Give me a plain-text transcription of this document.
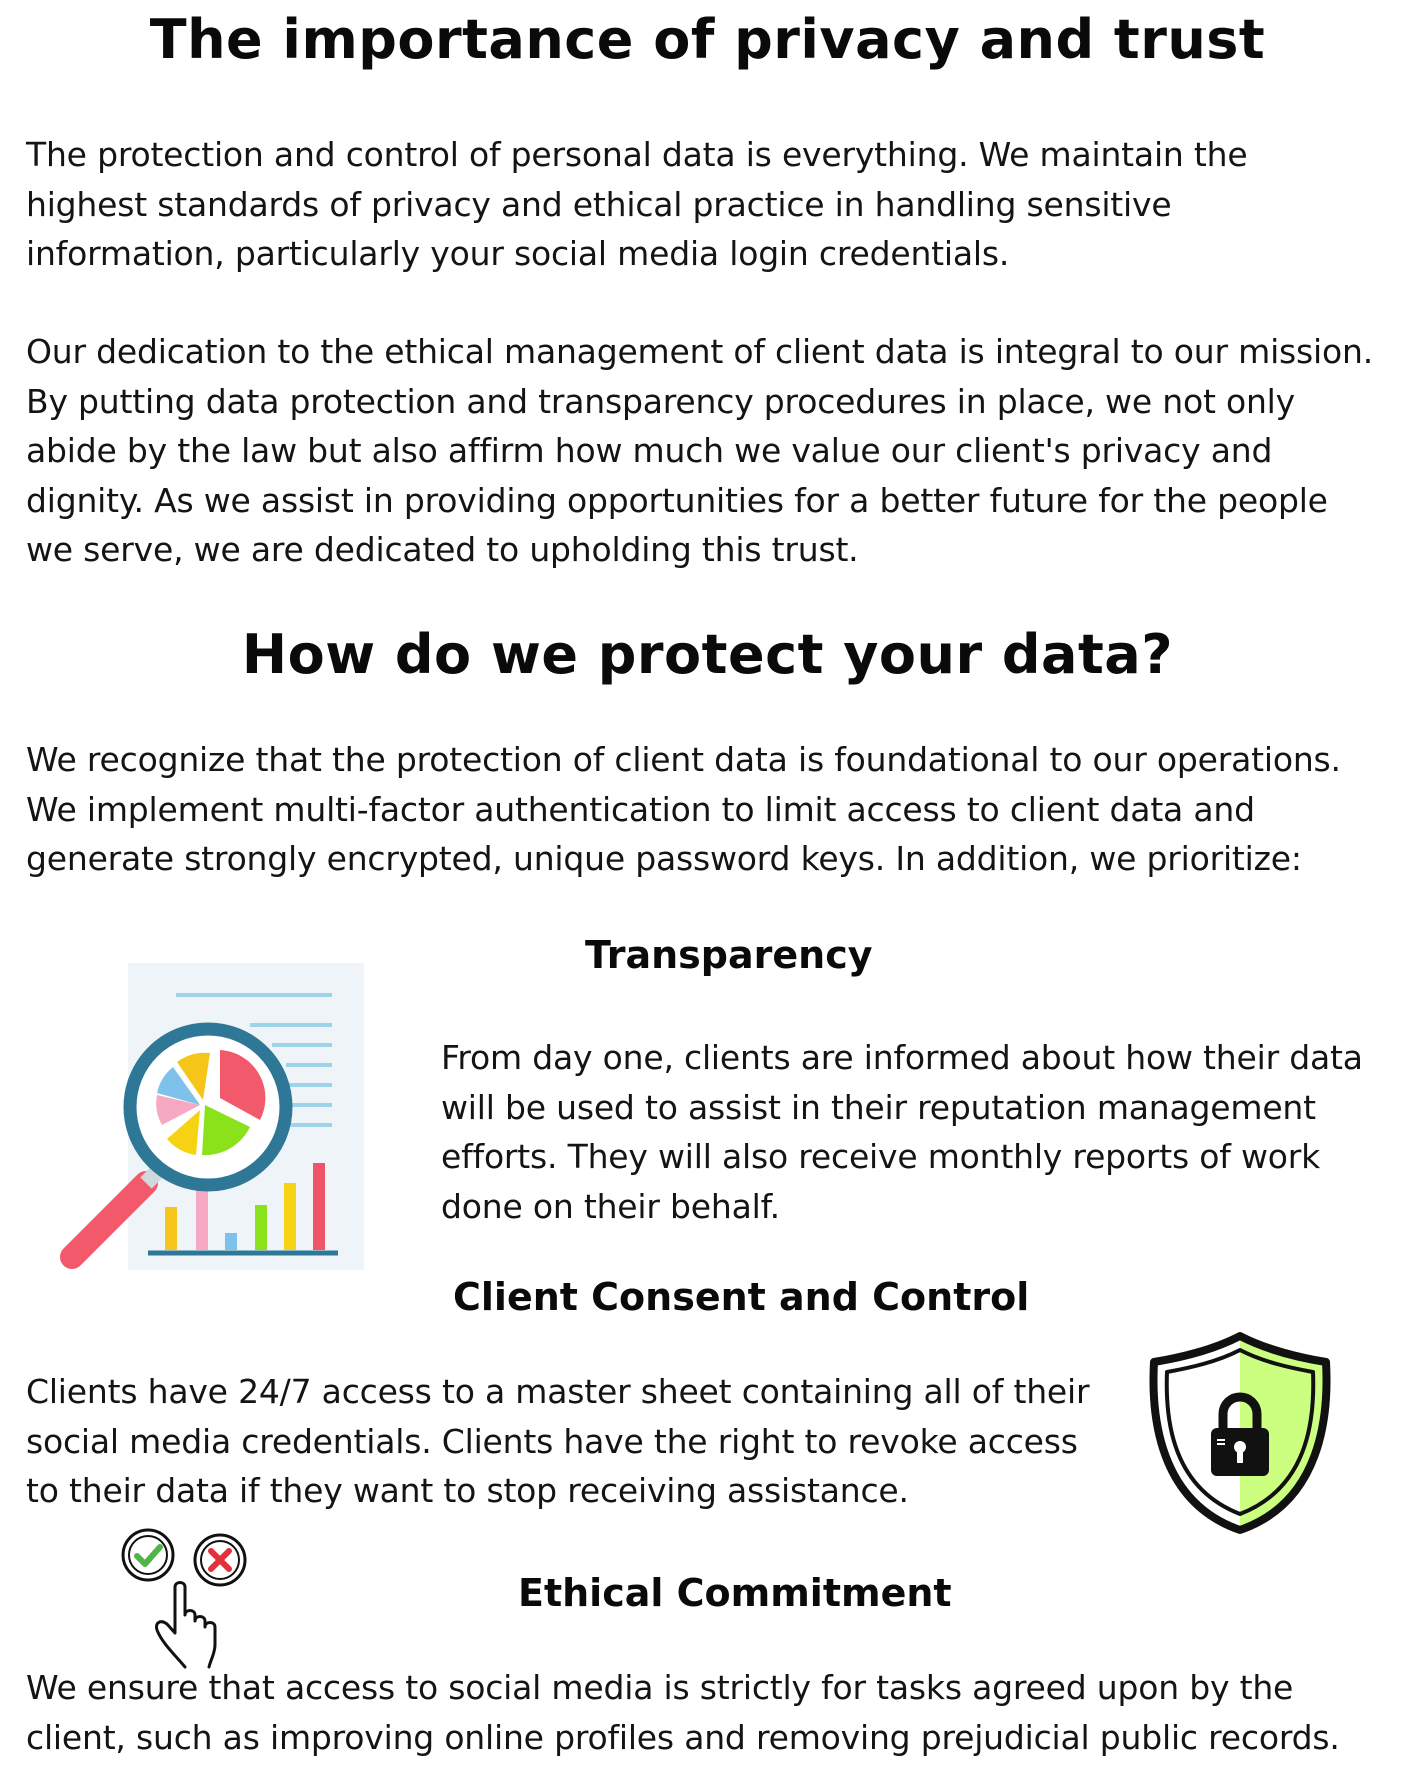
The importance of privacy and trust

The protection and control of personal data is everything. We maintain the
highest standards of privacy and ethical practice in handling sensitive
information, particularly your social media login credentials.

Our dedication to the ethical management of client data is integral to our mission.
By putting data protection and transparency procedures in place, we not only
abide by the law but also affirm how much we value our client's privacy and
dignity. As we assist in providing opportunities for a better future for the people
we serve, we are dedicated to upholding this trust.

How do we protect your data?

We recognize that the protection of client data is foundational to our operations.
We implement multi-factor authentication to limit access to client data and
generate strongly encrypted, unique password keys. In addition, we prioritize:

Transparency

From day one, clients are informed about how their data
will be used to assist in their reputation management
efforts. They will also receive monthly reports of work
done on their behalf.

Client Consent and Control

Clients have 24/7 access to a master sheet containing all of their
social media credentials. Clients have the right to revoke access
to their data if they want to stop receiving assistance.

Ethical Commitment

We ensure that access to social media is strictly for tasks agreed upon by the
client, such as improving online profiles and removing prejudicial public records.
